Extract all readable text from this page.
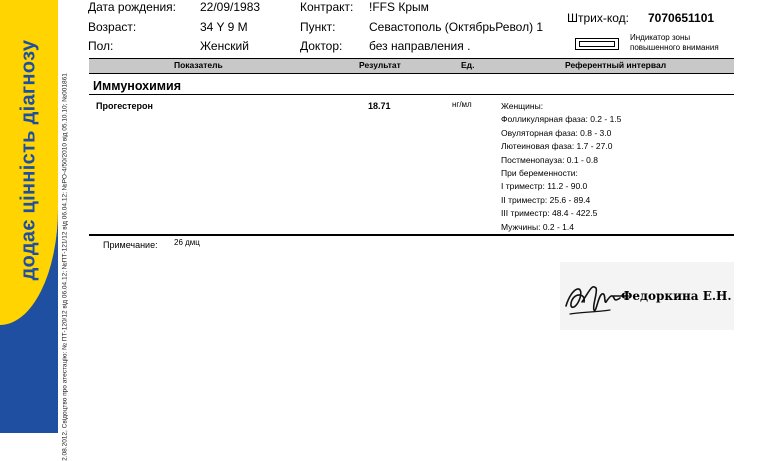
додає цінність діагнозу	2.08.2012, Свідоцтво про атестацію: № ПТ-120/12 від 06.04.12; №ПТ-121/12 від 06.04.12; №РО-4/50/2010 від 05.10.10; №001861
Дата рождения: 22/09/1983
Возраст:	34 Y 9 M
Пол:	Женский
Контракт: !FFS Крым
Пункт:	Севастополь (ОктябрьРевол) 1
Доктор: без направления .
Штрих-код: 7070651101
Индикатор зоны повышенного внимания
Показатель	Результат	Ед.	Референтный интервал
Иммунохимия
Прогестерон	18.71	нг/мл	Женщины:
Фолликулярная фаза: 0.2 - 1.5
Овуляторная фаза: 0.8 - 3.0
Лютеиновая фаза: 1.7 - 27.0
Постменопауза: 0.1 - 0.8
При беременности:
I триместр: 11.2 - 90.0
II триместр: 25.6 - 89.4
III триместр: 48.4 - 422.5
Мужчины: 0.2 - 1.4
Примечание: 26 дмц
Федоркина Е.Н.
